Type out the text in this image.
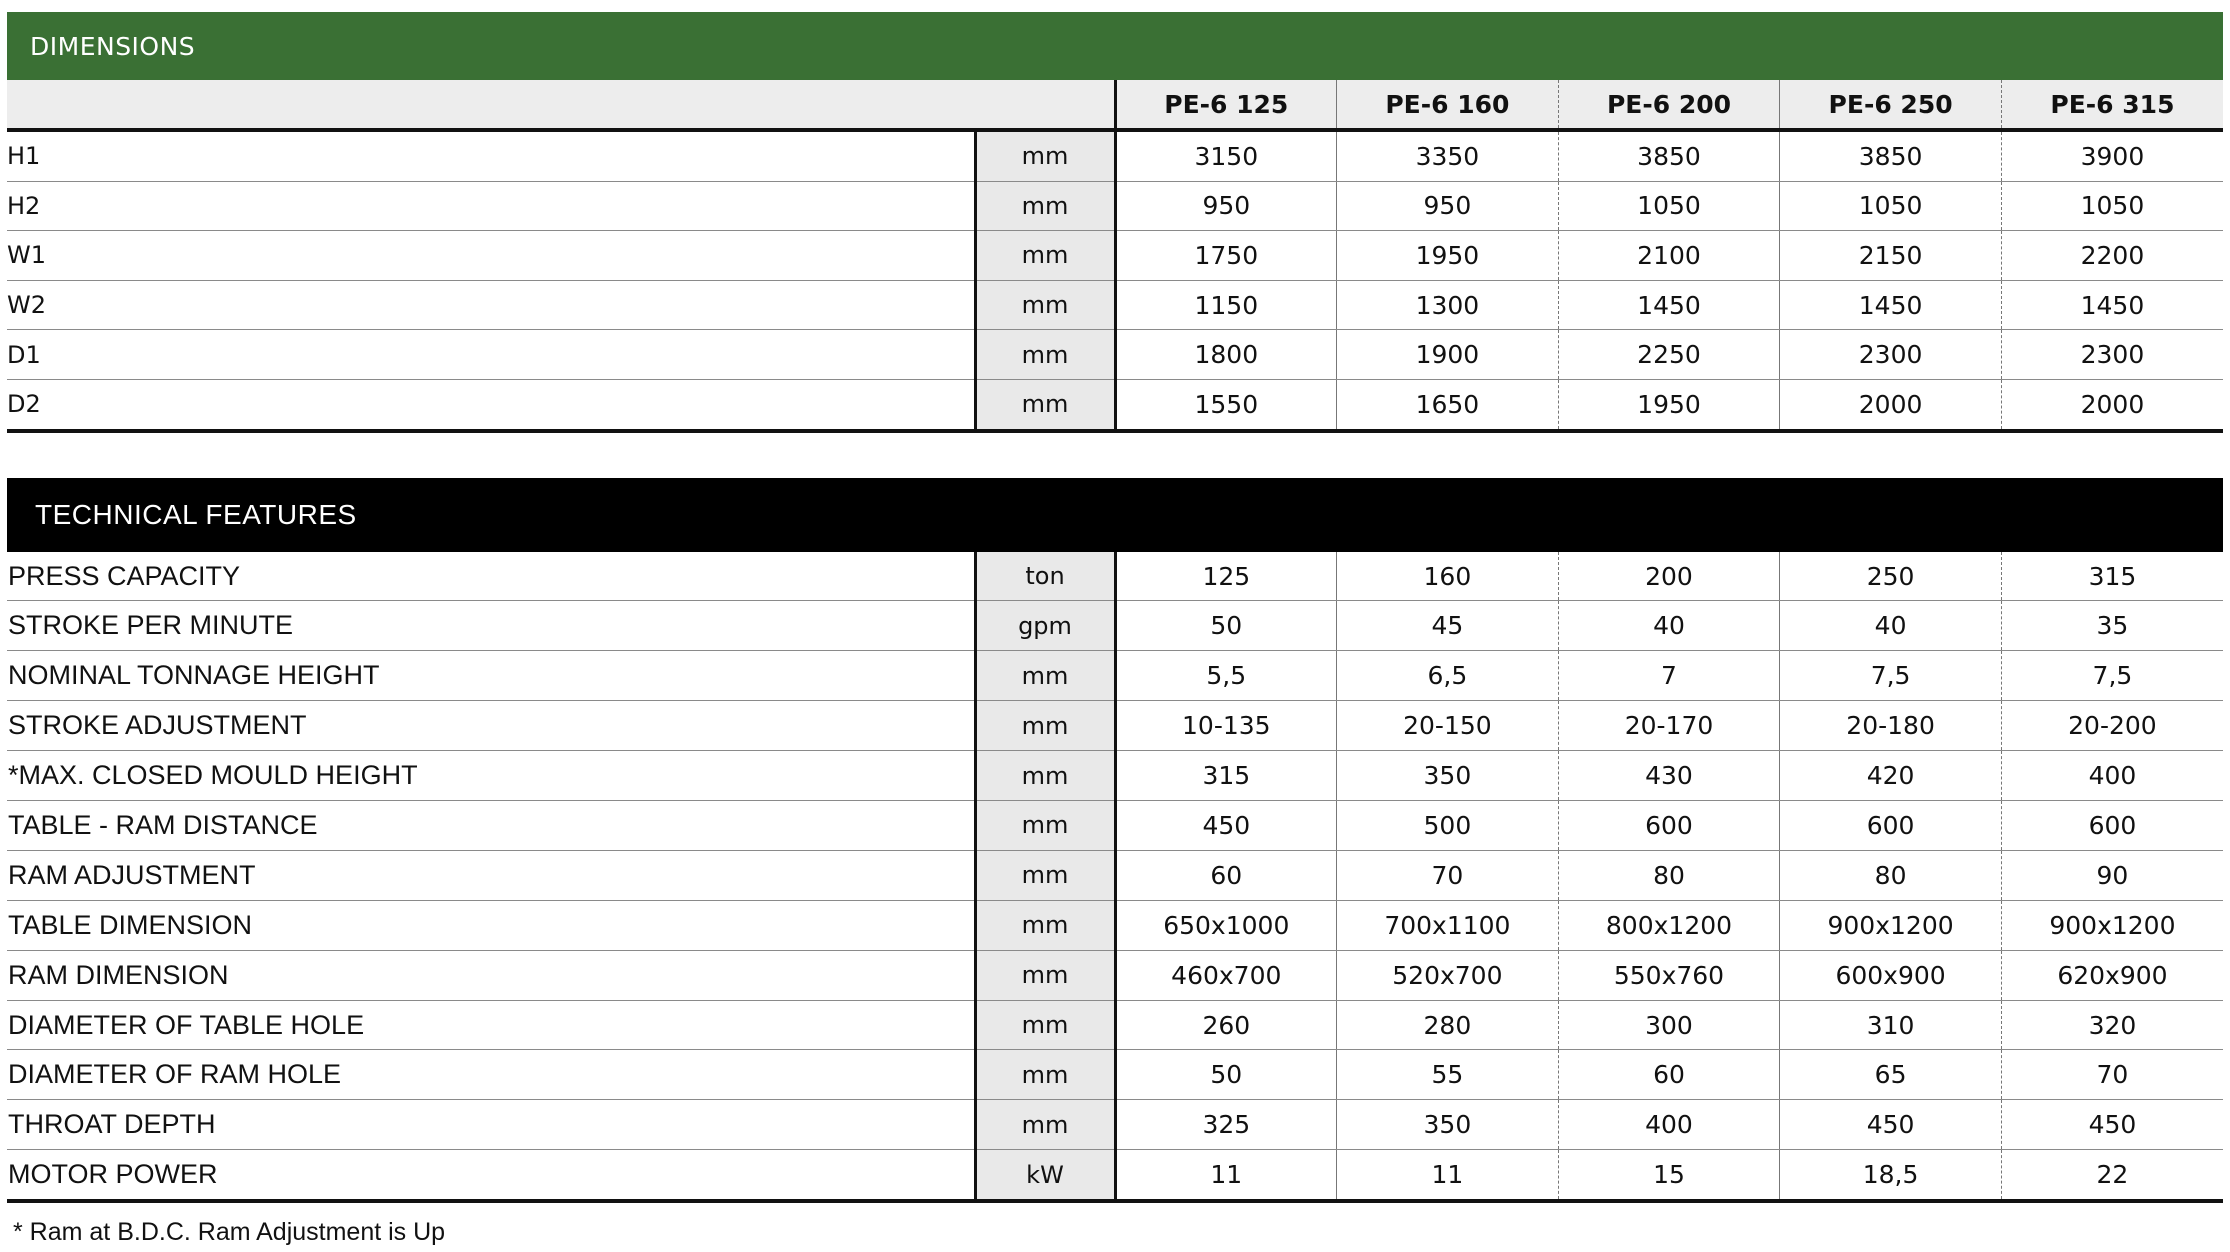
DIMENSIONS
		PE-6 125	PE-6 160	PE-6 200	PE-6 250	PE-6 315
H1	mm	3150	3350	3850	3850	3900
H2	mm	950	950	1050	1050	1050
W1	mm	1750	1950	2100	2150	2200
W2	mm	1150	1300	1450	1450	1450
D1	mm	1800	1900	2250	2300	2300
D2	mm	1550	1650	1950	2000	2000
TECHNICAL FEATURES
PRESS CAPACITY	ton	125	160	200	250	315
STROKE PER MINUTE	gpm	50	45	40	40	35
NOMINAL TONNAGE HEIGHT	mm	5,5	6,5	7	7,5	7,5
STROKE ADJUSTMENT	mm	10-135	20-150	20-170	20-180	20-200
*MAX. CLOSED MOULD HEIGHT	mm	315	350	430	420	400
TABLE - RAM DISTANCE	mm	450	500	600	600	600
RAM ADJUSTMENT	mm	60	70	80	80	90
TABLE DIMENSION	mm	650x1000	700x1100	800x1200	900x1200	900x1200
RAM DIMENSION	mm	460x700	520x700	550x760	600x900	620x900
DIAMETER OF TABLE HOLE	mm	260	280	300	310	320
DIAMETER OF RAM HOLE	mm	50	55	60	65	70
THROAT DEPTH	mm	325	350	400	450	450
MOTOR POWER	kW	11	11	15	18,5	22
* Ram at B.D.C. Ram Adjustment is Up
